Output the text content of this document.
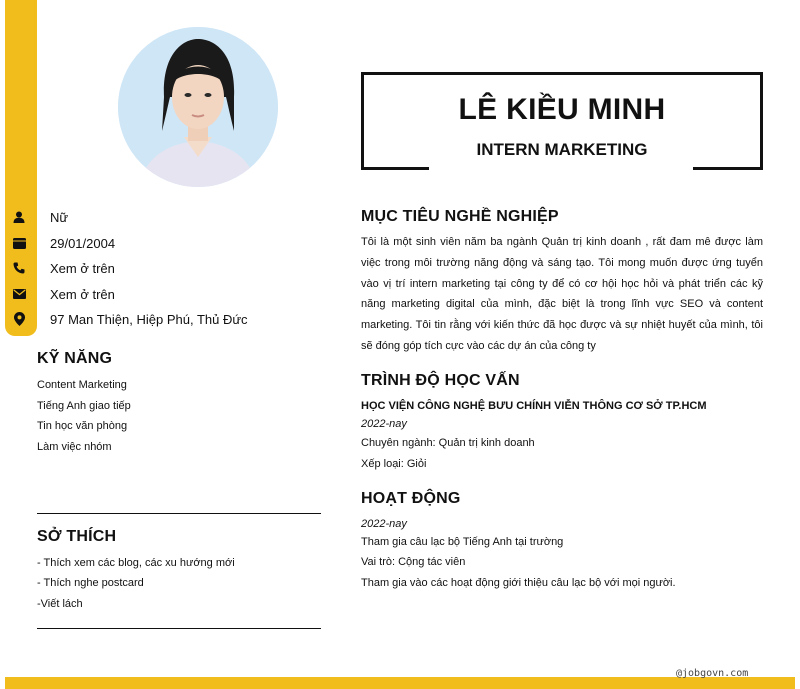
Nữ
29/01/2004
Xem ở trên
Xem ở trên
97 Man Thiện, Hiệp Phú, Thủ Đức
KỸ NĂNG
Content Marketing
Tiếng Anh giao tiếp
Tin học văn phòng
Làm việc nhóm
SỞ THÍCH
- Thích xem các blog, các xu hướng mới
- Thích nghe postcard
-Viết lách
LÊ KIỀU MINH
INTERN MARKETING
MỤC TIÊU NGHỀ NGHIỆP
Tôi là một sinh viên năm ba ngành Quản trị kinh doanh , rất đam mê được làm việc trong môi trường năng động và sáng tạo. Tôi mong muốn được ứng tuyển vào vị trí intern marketing tại công ty để có cơ hội học hỏi và phát triển các kỹ năng marketing digital của mình, đặc biệt là trong lĩnh vực SEO và content marketing. Tôi tin rằng với kiến thức đã học được và sự nhiệt huyết của mình, tôi sẽ đóng góp tích cực vào các dự án của công ty
TRÌNH ĐỘ HỌC VẤN
HỌC VIỆN CÔNG NGHỆ BƯU CHÍNH VIỄN THÔNG CƠ SỞ TP.HCM
2022-nay
Chuyên ngành: Quản trị kinh doanh
Xếp loại: Giỏi
HOẠT ĐỘNG
2022-nay
Tham gia câu lạc bộ Tiếng Anh tại trường
Vai trò: Cộng tác viên
Tham gia vào các hoạt động giới thiệu câu lạc bộ với mọi người.
@jobgovn.com
